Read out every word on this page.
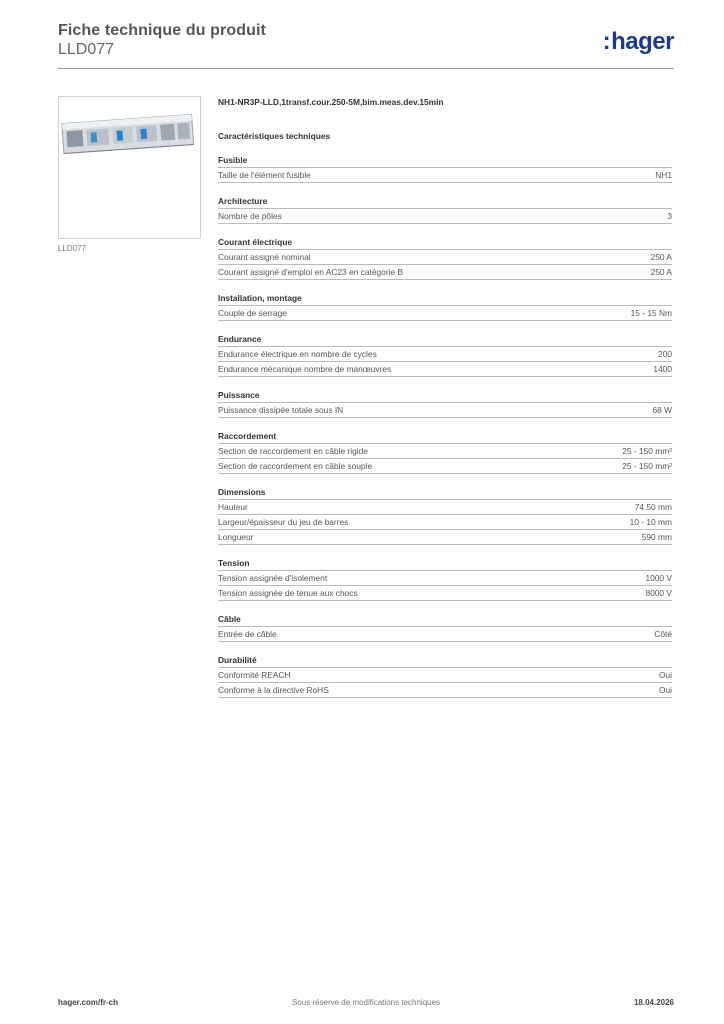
Fiche technique du produit
LLD077	:hager
LLD077
NH1-NR3P-LLD,1transf.cour.250-5M,bim.meas.dev.15min
Caractéristiques techniques
Fusible
Taille de l'élément fusible	NH1
Architecture
Nombre de pôles	3
Courant électrique
Courant assigné nominal	250 A
Courant assigné d'emploi en AC23 en catégorie B	250 A
Installation, montage
Couple de serrage	15 - 15 Nm
Endurance
Endurance électrique en nombre de cycles	200
Endurance mécanique nombre de manœuvres	1400
Puissance
Puissance dissipée totale sous IN	68 W
Raccordement
Section de raccordement en câble rigide	25 - 150 mm²
Section de raccordement en câble souple	25 - 150 mm²
Dimensions
Hauteur	74.50 mm
Largeur/épaisseur du jeu de barres	10 - 10 mm
Longueur	590 mm
Tension
Tension assignée d'isolement	1000 V
Tension assignée de tenue aux chocs	8000 V
Câble
Entrée de câble	Côté
Durabilité
Conformité REACH	Oui
Conforme à la directive RoHS	Oui
Sous réserve de modifications techniques
hager.com/fr-ch	18.04.2026
